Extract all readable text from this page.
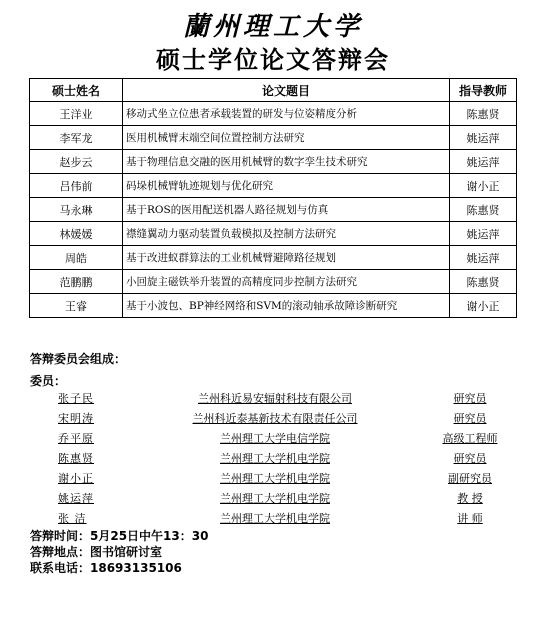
蘭州理工大学
硕士学位论文答辩会
硕士姓名	论文题目	指导教师
王洋业	移动式坐立位患者承载装置的研发与位姿精度分析	陈惠贤
李军龙	医用机械臂末端空间位置控制方法研究	姚运萍
赵步云	基于物理信息交融的医用机械臂的数字孪生技术研究	姚运萍
吕伟前	码垛机械臂轨迹规划与优化研究	谢小正
马永琳	基于ROS的医用配送机器人路径规划与仿真	陈惠贤
林媛媛	襟缝翼动力驱动装置负载模拟及控制方法研究	姚运萍
周皓	基于改进蚁群算法的工业机械臂避障路径规划	姚运萍
范鹏鹏	小回旋主磁铁举升装置的高精度同步控制方法研究	陈惠贤
王睿	基于小波包、BP神经网络和SVM的滚动轴承故障诊断研究	谢小正
答辩委员会组成：
委员：
张子民	兰州科近易安辐射科技有限公司	研究员
宋明涛	兰州科近泰基新技术有限责任公司	研究员
乔平原	兰州理工大学电信学院	高级工程师
陈惠贤	兰州理工大学机电学院	研究员
谢小正	兰州理工大学机电学院	副研究员
姚运萍	兰州理工大学机电学院	教 授
张 洁	兰州理工大学机电学院	讲 师
答辩时间：5月25日中午13：30
答辩地点：图书馆研讨室
联系电话：18693135106
